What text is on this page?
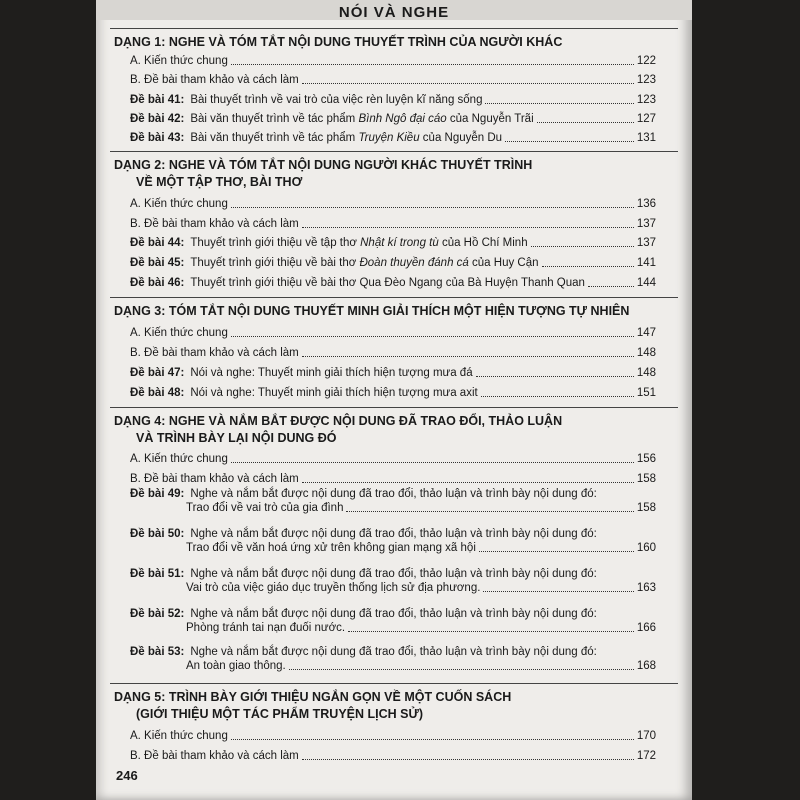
NÓI VÀ NGHE
DẠNG 1: NGHE VÀ TÓM TẮT NỘI DUNG THUYẾT TRÌNH CỦA NGƯỜI KHÁC
A. Kiến thức chung	122
B. Đề bài tham khảo và cách làm	123
Đề bài 41: Bài thuyết trình về vai trò của việc rèn luyện kĩ năng sống	123
Đề bài 42: Bài văn thuyết trình về tác phẩm Bình Ngô đại cáo của Nguyễn Trãi	127
Đề bài 43: Bài văn thuyết trình về tác phẩm Truyện Kiều của Nguyễn Du	131
DẠNG 2: NGHE VÀ TÓM TẮT NỘI DUNG NGƯỜI KHÁC THUYẾT TRÌNH
VỀ MỘT TẬP THƠ, BÀI THƠ
A. Kiến thức chung	136
B. Đề bài tham khảo và cách làm	137
Đề bài 44: Thuyết trình giới thiệu về tập thơ Nhật kí trong tù của Hồ Chí Minh	137
Đề bài 45: Thuyết trình giới thiệu về bài thơ Đoàn thuyền đánh cá của Huy Cận	141
Đề bài 46: Thuyết trình giới thiệu về bài thơ Qua Đèo Ngang của Bà Huyện Thanh Quan	144
DẠNG 3: TÓM TẮT NỘI DUNG THUYẾT MINH GIẢI THÍCH MỘT HIỆN TƯỢNG TỰ NHIÊN
A. Kiến thức chung	147
B. Đề bài tham khảo và cách làm	148
Đề bài 47: Nói và nghe: Thuyết minh giải thích hiện tượng mưa đá	148
Đề bài 48: Nói và nghe: Thuyết minh giải thích hiện tượng mưa axit	151
DẠNG 4: NGHE VÀ NẮM BẮT ĐƯỢC NỘI DUNG ĐÃ TRAO ĐỔI, THẢO LUẬN
VÀ TRÌNH BÀY LẠI NỘI DUNG ĐÓ
A. Kiến thức chung	156
B. Đề bài tham khảo và cách làm	158
Đề bài 49: Nghe và nắm bắt được nội dung đã trao đổi, thảo luận và trình bày nội dung đó:
Trao đổi về vai trò của gia đình	158
Đề bài 50: Nghe và nắm bắt được nội dung đã trao đổi, thảo luận và trình bày nội dung đó:
Trao đổi về văn hoá ứng xử trên không gian mạng xã hội	160
Đề bài 51: Nghe và nắm bắt được nội dung đã trao đổi, thảo luận và trình bày nội dung đó:
Vai trò của việc giáo dục truyền thống lịch sử địa phương.	163
Đề bài 52: Nghe và nắm bắt được nội dung đã trao đổi, thảo luận và trình bày nội dung đó:
Phòng tránh tai nạn đuối nước.	166
Đề bài 53: Nghe và nắm bắt được nội dung đã trao đổi, thảo luận và trình bày nội dung đó:
An toàn giao thông.	168
DẠNG 5: TRÌNH BÀY GIỚI THIỆU NGẮN GỌN VỀ MỘT CUỐN SÁCH
(GIỚI THIỆU MỘT TÁC PHẨM TRUYỆN LỊCH SỬ)
A. Kiến thức chung	170
B. Đề bài tham khảo và cách làm	172
246
